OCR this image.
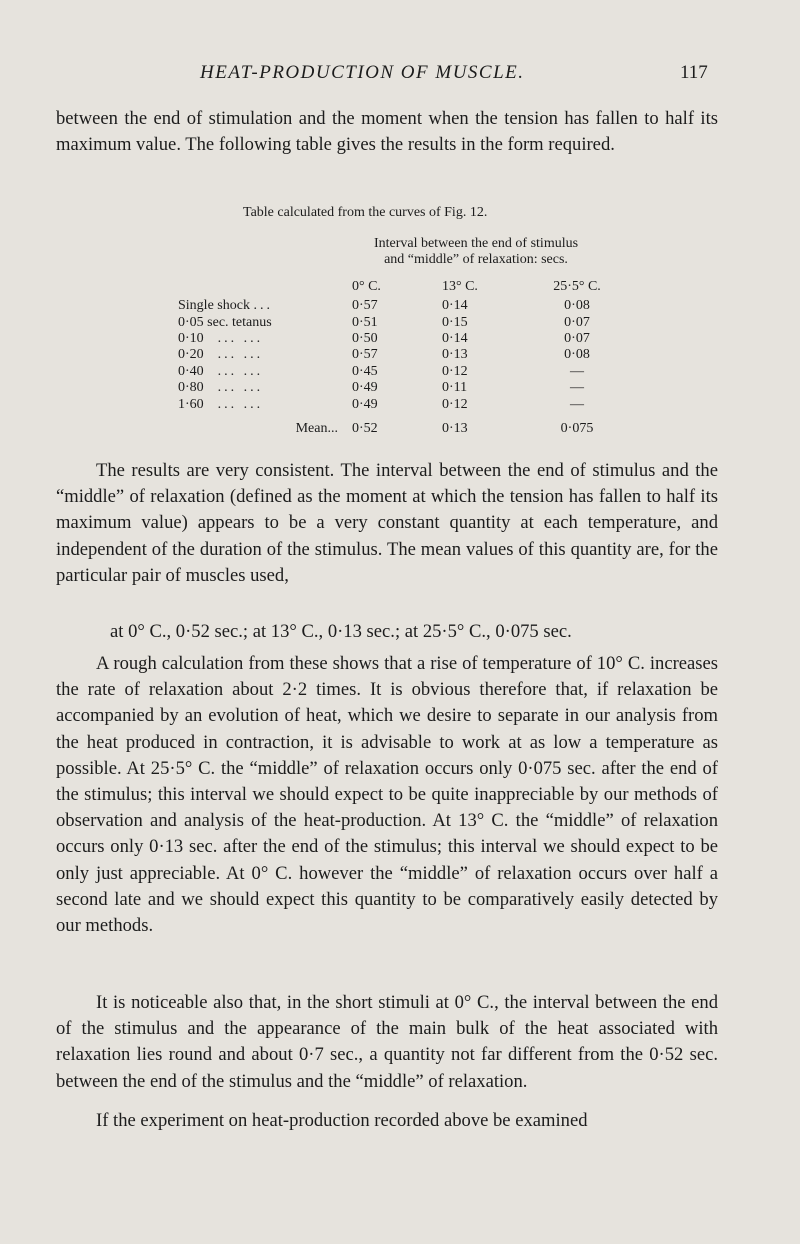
HEAT-PRODUCTION OF MUSCLE.	117

between the end of stimulation and the moment when the tension has fallen to half its maximum value. The following table gives the results in the form required.

Table calculated from the curves of Fig. 12.
Interval between the end of stimulus
and “middle” of relaxation: secs.
	0° C.	13° C.	25·5° C.
Single shock ...	0·57	0·14	0·08
0·05 sec. tetanus	0·51	0·15	0·07
0·10 ... ...	0·50	0·14	0·07
0·20 ... ...	0·57	0·13	0·08
0·40 ... ...	0·45	0·12	—
0·80 ... ...	0·49	0·11	—
1·60 ... ...	0·49	0·12	—
Mean...	0·52	0·13	0·075

The results are very consistent. The interval between the end of stimulus and the “middle” of relaxation (defined as the moment at which the tension has fallen to half its maximum value) appears to be a very constant quantity at each temperature, and independent of the duration of the stimulus. The mean values of this quantity are, for the particular pair of muscles used,

at 0° C., 0·52 sec.; at 13° C., 0·13 sec.; at 25·5° C., 0·075 sec.

A rough calculation from these shows that a rise of temperature of 10° C. increases the rate of relaxation about 2·2 times. It is obvious therefore that, if relaxation be accompanied by an evolution of heat, which we desire to separate in our analysis from the heat produced in contraction, it is advisable to work at as low a temperature as possible. At 25·5° C. the “middle” of relaxation occurs only 0·075 sec. after the end of the stimulus; this interval we should expect to be quite inappreciable by our methods of observation and analysis of the heat-production. At 13° C. the “middle” of relaxation occurs only 0·13 sec. after the end of the stimulus; this interval we should expect to be only just appreciable. At 0° C. however the “middle” of relaxation occurs over half a second late and we should expect this quantity to be comparatively easily detected by our methods.

It is noticeable also that, in the short stimuli at 0° C., the interval between the end of the stimulus and the appearance of the main bulk of the heat associated with relaxation lies round and about 0·7 sec., a quantity not far different from the 0·52 sec. between the end of the stimulus and the “middle” of relaxation.

If the experiment on heat-production recorded above be examined
